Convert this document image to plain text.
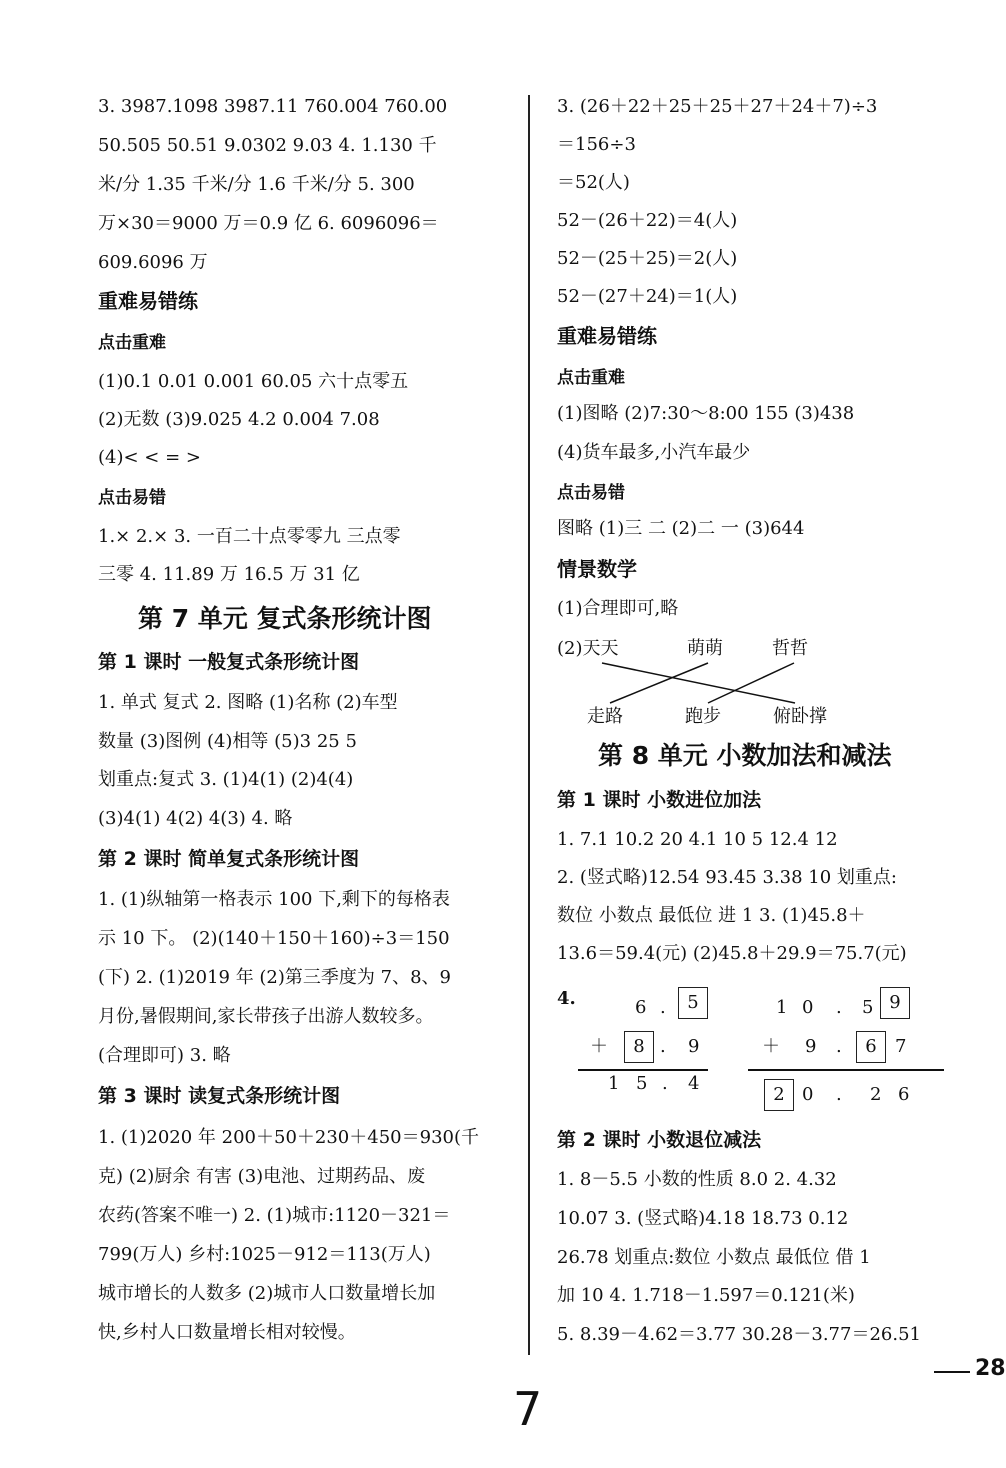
3. 3987.1098 3987.11 760.004 760.00
50.505 50.51 9.0302 9.03 4. 1.130 千
米/分 1.35 千米/分 1.6 千米/分 5. 300
万×30＝9000 万＝0.9 亿 6. 6096096＝
609.6096 万
重难易错练
点击重难
(1)0.1 0.01 0.001 60.05 六十点零五
(2)无数 (3)9.025 4.2 0.004 7.08
(4)< < = >
点击易错
1.× 2.× 3. 一百二十点零零九 三点零
三零 4. 11.89 万 16.5 万 31 亿
第 7 单元 复式条形统计图
第 1 课时 一般复式条形统计图
1. 单式 复式 2. 图略 (1)名称 (2)车型
数量 (3)图例 (4)相等 (5)3 25 5
划重点:复式 3. (1)4(1) (2)4(4)
(3)4(1) 4(2) 4(3) 4. 略
第 2 课时 简单复式条形统计图
1. (1)纵轴第一格表示 100 下,剩下的每格表
示 10 下。 (2)(140＋150＋160)÷3＝150
(下) 2. (1)2019 年 (2)第三季度为 7、8、9
月份,暑假期间,家长带孩子出游人数较多。
(合理即可) 3. 略
第 3 课时 读复式条形统计图
1. (1)2020 年 200＋50＋230＋450＝930(千
克) (2)厨余 有害 (3)电池、过期药品、废
农药(答案不唯一) 2. (1)城市:1120－321＝
799(万人) 乡村:1025－912＝113(万人)
城市增长的人数多 (2)城市人口数量增长加
快,乡村人口数量增长相对较慢。
3. (26＋22＋25＋25＋27＋24＋7)÷3
＝156÷3
＝52(人)
52－(26＋22)＝4(人)
52－(25＋25)＝2(人)
52－(27＋24)＝1(人)
重难易错练
点击重难
(1)图略 (2)7:30～8:00 155 (3)438
(4)货车最多,小汽车最少
点击易错
图略 (1)三 二 (2)二 一 (3)644
情景数学
(1)合理即可,略
(2)天天	萌萌	哲哲
走路	跑步	俯卧撑
第 8 单元 小数加法和减法
第 1 课时 小数进位加法
1. 7.1 10.2 20 4.1 10 5 12.4 12
2. (竖式略)12.54 93.45 3.38 10 划重点:
数位 小数点 最低位 进 1 3. (1)45.8＋
13.6＝59.4(元) (2)45.8＋29.9＝75.7(元)
4.	6 .	5
＋	8 . 9
1 5 . 4
1 0 . 5 9
＋ 9 .	6	7
2 0 . 2 6
第 2 课时 小数退位减法
1. 8－5.5 小数的性质 8.0 2. 4.32
10.07 3. (竖式略)4.18 18.73 0.12
26.78 划重点:数位 小数点 最低位 借 1
加 10 4. 1.718－1.597＝0.121(米)
5. 8.39－4.62＝3.77 30.28－3.77＝26.51
28
7
